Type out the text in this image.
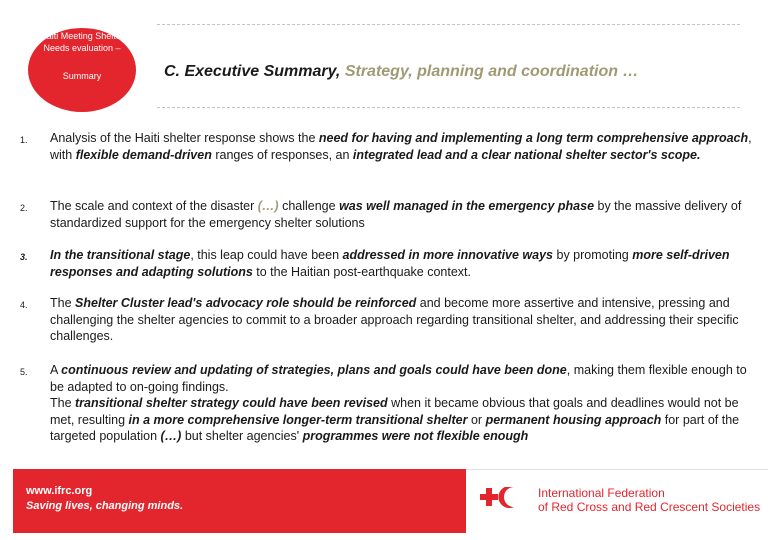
Haiti Meeting Shelter
Needs evaluation –
Summary	C. Executive Summary, Strategy, planning and coordination …
1.	Analysis of the Haiti shelter response shows the need for having and implementing a long term comprehensive approach, with flexible demand-driven ranges of responses, an integrated lead and a clear national shelter sector's scope.
2.	The scale and context of the disaster (…) challenge was well managed in the emergency phase by the massive delivery of standardized support for the emergency shelter solutions
3.	In the transitional stage, this leap could have been addressed in more innovative ways by promoting more self-driven responses and adapting solutions to the Haitian post-earthquake context.
4.	The Shelter Cluster lead's advocacy role should be reinforced and become more assertive and intensive, pressing and challenging the shelter agencies to commit to a broader approach regarding transitional shelter, and addressing their specific challenges.
5.	A continuous review and updating of strategies, plans and goals could have been done, making them flexible enough to be adapted to on-going findings.
The transitional shelter strategy could have been revised when it became obvious that goals and deadlines would not be met, resulting in a more comprehensive longer-term transitional shelter or permanent housing approach for part of the targeted population (…) but shelter agencies' programmes were not flexible enough
www.ifrc.org
Saving lives, changing minds.
International Federation
of Red Cross and Red Crescent Societies
